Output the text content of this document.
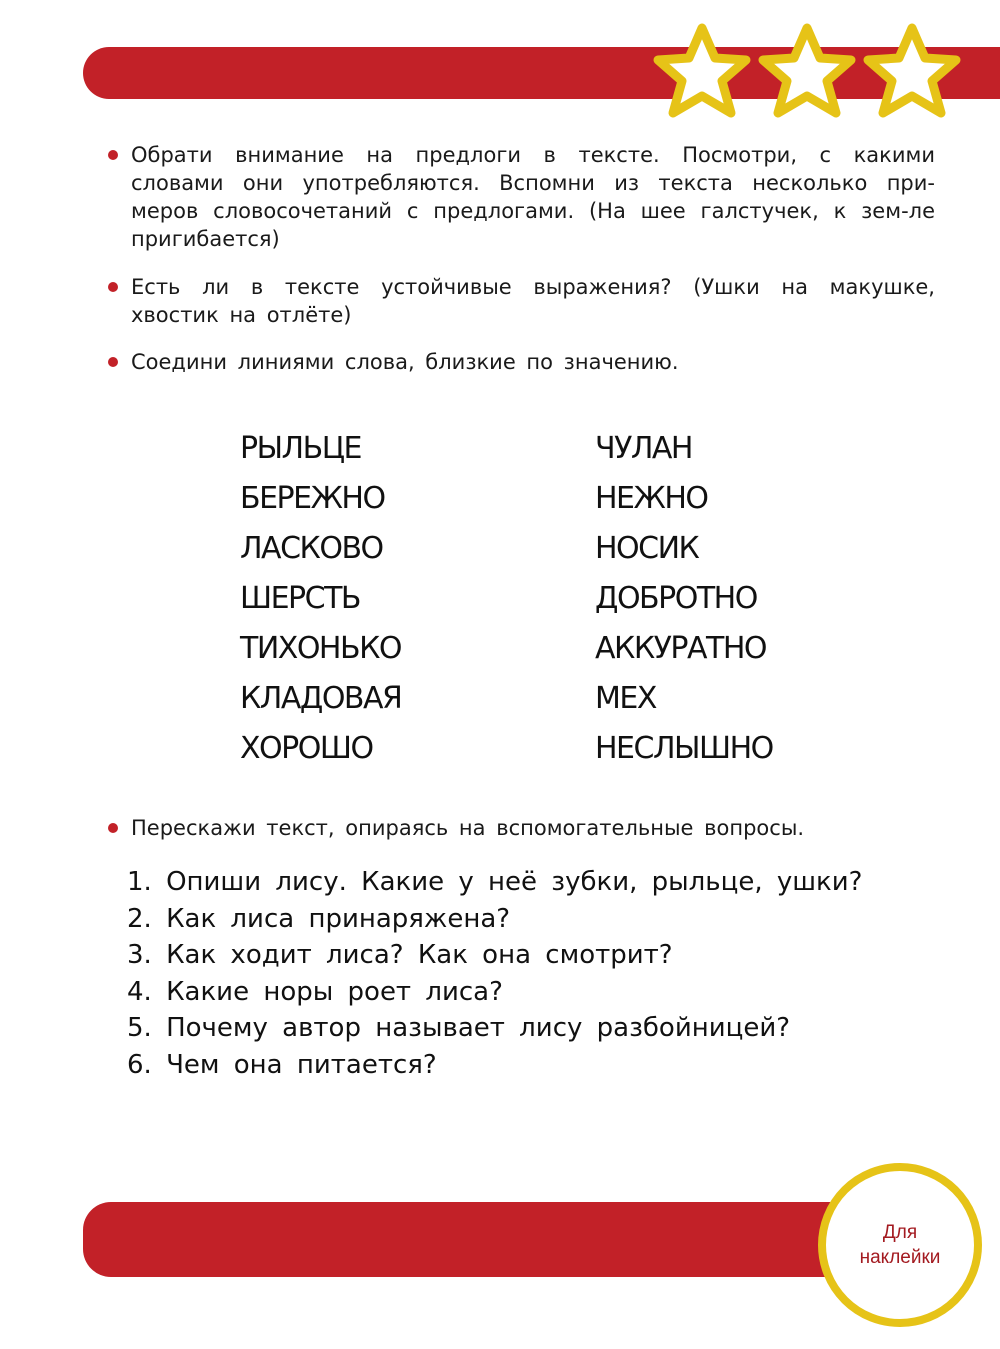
Обрати внимание на предлоги в тексте. Посмотри, с какими словами они употребляются. Вспомни из текста несколько при-меров словосочетаний с предлогами. (На шее галстучек, к зем-ле пригибается)

Есть ли в тексте устойчивые выражения? (Ушки на макушке, хвостик на отлёте)

Соедини линиями слова, близкие по значению.

РЫЛЬЦЕ
БЕРЕЖНО
ЛАСКОВО
ШЕРСТЬ
ТИХОНЬКО
КЛАДОВАЯ
ХОРОШО
ЧУЛАН
НЕЖНО
НОСИК
ДОБРОТНО
АККУРАТНО
МЕХ
НЕСЛЫШНО

Перескажи текст, опираясь на вспомогательные вопросы.

1. Опиши лису. Какие у неё зубки, рыльце, ушки?
2. Как лиса принаряжена?
3. Как ходит лиса? Как она смотрит?
4. Какие норы роет лиса?
5. Почему автор называет лису разбойницей?
6. Чем она питается?
Для
наклейки
